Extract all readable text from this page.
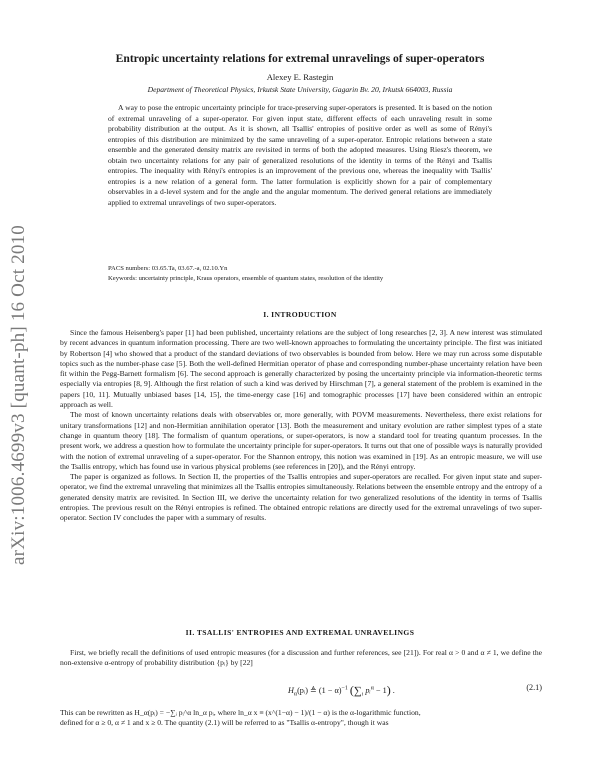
arXiv:1006.4699v3 [quant-ph] 16 Oct 2010
Entropic uncertainty relations for extremal unravelings of super-operators
Alexey E. Rastegin
Department of Theoretical Physics, Irkutsk State University, Gagarin Bv. 20, Irkutsk 664003, Russia

A way to pose the entropic uncertainty principle for trace-preserving super-operators is presented. It is based on the notion of extremal unraveling of a super-operator. For given input state, different effects of each unraveling result in some probability distribution at the output. As it is shown, all Tsallis' entropies of positive order as well as some of Rényi's entropies of this distribution are minimized by the same unraveling of a super-operator. Entropic relations between a state ensemble and the generated density matrix are revisited in terms of both the adopted measures. Using Riesz's theorem, we obtain two uncertainty relations for any pair of generalized resolutions of the identity in terms of the Rényi and Tsallis entropies. The inequality with Rényi's entropies is an improvement of the previous one, whereas the inequality with Tsallis' entropies is a new relation of a general form. The latter formulation is explicitly shown for a pair of complementary observables in a d-level system and for the angle and the angular momentum. The derived general relations are immediately applied to extremal unravelings of two super-operators.

PACS numbers: 03.65.Ta, 03.67.-a, 02.10.Yn

Keywords: uncertainty principle, Kraus operators, ensemble of quantum states, resolution of the identity

I. INTRODUCTION

Since the famous Heisenberg's paper [1] had been published, uncertainty relations are the subject of long researches [2, 3]. A new interest was stimulated by recent advances in quantum information processing. There are two well-known approaches to formulating the uncertainty principle. The first was initiated by Robertson [4] who showed that a product of the standard deviations of two observables is bounded from below. Here we may run across some disputable topics such as the number-phase case [5]. Both the well-defined Hermitian operator of phase and corresponding number-phase uncertainty relation have been fit within the Pegg-Barnett formalism [6]. The second approach is generally characterized by posing the uncertainty principle via information-theoretic terms especially via entropies [8, 9]. Although the first relation of such a kind was derived by Hirschman [7], a general statement of the problem is examined in the papers [10, 11]. Mutually unbiased bases [14, 15], the time-energy case [16] and tomographic processes [17] have been considered within an entropic approach as well.

The most of known uncertainty relations deals with observables or, more generally, with POVM measurements. Nevertheless, there exist relations for unitary transformations [12] and non-Hermitian annihilation operator [13]. Both the measurement and unitary evolution are rather simplest types of a state change in quantum theory [18]. The formalism of quantum operations, or super-operators, is now a standard tool for treating quantum processes. In the present work, we address a question how to formulate the uncertainty principle for super-operators. It turns out that one of possible ways is naturally provided with the notion of extremal unraveling of a super-operator. For the Shannon entropy, this notion was examined in [19]. As an entropic measure, we will use the Tsallis entropy, which has found use in various physical problems (see references in [20]), and the Rényi entropy.

The paper is organized as follows. In Section II, the properties of the Tsallis entropies and super-operators are recalled. For given input state and super-operator, we find the extremal unraveling that minimizes all the Tsallis entropies simultaneously. Relations between the ensemble entropy and the entropy of a generated density matrix are revisited. In Section III, we derive the uncertainty relation for two generalized resolutions of the identity in terms of Tsallis entropies. The previous result on the Rényi entropies is refined. The obtained entropic relations are directly used for the extremal unravelings of two super-operator. Section IV concludes the paper with a summary of results.

II. TSALLIS' ENTROPIES AND EXTREMAL UNRAVELINGS

First, we briefly recall the definitions of used entropic measures (for a discussion and further references, see [21]). For real α > 0 and α ≠ 1, we define the non-extensive α-entropy of probability distribution {pᵢ} by [22]

$H_\alpha(pᵢ)$ ≜ $(1 - \alpha)^{-1}$ ($\sum_i$ pᵢ$^\alpha$ − 1) .	(2.1)
This can be rewritten as H_α(pᵢ) = −∑ᵢ pᵢ^α ln_α pᵢ, where ln_α x ≡ (x^(1−α) − 1)/(1 − α) is the α-logarithmic function,
defined for α ≥ 0, α ≠ 1 and x ≥ 0. The quantity (2.1) will be referred to as "Tsallis α-entropy", though it was
